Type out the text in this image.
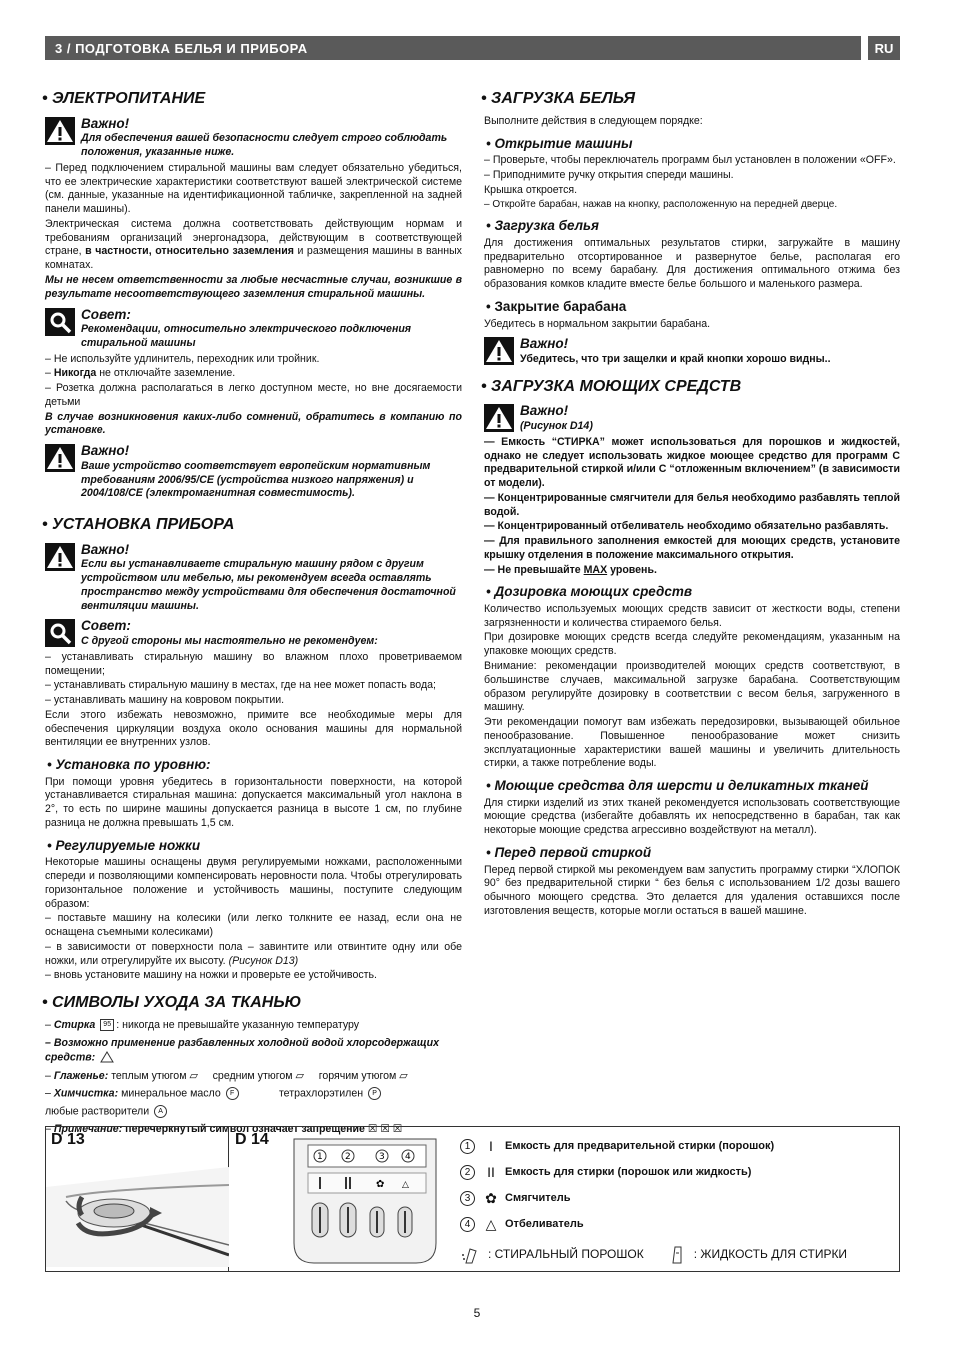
3 / ПОДГОТОВКА БЕЛЬЯ И ПРИБОРА	RU
• ЭЛЕКТРОПИТАНИЕ
Важно!
Для обеспечения вашей безопасности следует строго соблюдать положения, указанные ниже.

– Перед подключением стиральной машины вам следует обязательно убедиться, что ее электрические характеристики соответствуют вашей электрической системе (см. данные, указанные на идентификационной табличке, закрепленной на задней панели машины).

Электрическая система должна соответствовать действующим нормам и требованиям организаций энергонадзора, действующим в соответствующей стране, в частности, относительно заземления и размещения машины в ванных комнатах.

Мы не несем ответственности за любые несчастные случаи, возникшие в результате несоответствующего заземления стиральной машины.

Совет:
Рекомендации, относительно электрического подключения стиральной машины

– Не используйте удлинитель, переходник или тройник.

– Никогда не отключайте заземление.

– Розетка должна располагаться в легко доступном месте, но вне досягаемости детьми

В случае возникновения каких-либо сомнений, обратитесь в компанию по установке.

Важно!
Ваше устройство соответствует европейским нормативным требованиям 2006/95/CE (устройства низкого напряжения) и 2004/108/CE (электромагнитная совместимость).
• УСТАНОВКА ПРИБОРА
Важно!
Если вы устанавливаете стиральную машину рядом с другим устройством или мебелью, мы рекомендуем всегда оставлять пространство между устройствами для обеспечения достаточной вентиляции машины.
Совет:
С другой стороны мы настоятельно не рекомендуем:

– устанавливать стиральную машину во влажном плохо проветриваемом помещении;

– устанавливать стиральную машину в местах, где на нее может попасть вода;

– устанавливать машину на ковровом покрытии.

Если этого избежать невозможно, примите все необходимые меры для обеспечения циркуляции воздуха около основания машины для нормальной вентиляции ее внутренних узлов.

• Установка по уровню:

При помощи уровня убедитесь в горизонтальности поверхности, на которой устанавливается стиральная машина: допускается максимальный угол наклона в 2°, то есть по ширине машины допускается разница в высоте 1 см, по глубине разница не должна превышать 1,5 см.

• Регулируемые ножки

Некоторые машины оснащены двумя регулируемыми ножками, расположенными спереди и позволяющими компенсировать неровности пола. Чтобы отрегулировать горизонтальное положение и устойчивость машины, поступите следующим образом:

– поставьте машину на колесики (или легко толкните ее назад, если она не оснащена съемными колесиками)

– в зависимости от поверхности пола – завинтите или отвинтите одну или обе ножки, или отрегулируйте их высоту. (Рисунок D13)

– вновь установите машину на ножки и проверьте ее устойчивость.

• СИМВОЛЫ УХОДА ЗА ТКАНЬЮ
– Стирка 95 : никогда не превышайте указанную температуру
– Возможно применение разбавленных холодной водой хлорсодержащих средств:
– Глаженье: теплым утюгом ⏥ средним утюгом ⏥ горячим утюгом ⏥
– Химчистка: минеральное масло F	тетрахлорэтилен P
любые растворители A
– Примечание: перечеркнутый символ означает запрещение ☒ ☒ ☒
• ЗАГРУЗКА БЕЛЬЯ

Выполните действия в следующем порядке:

• Открытие машины

– Проверьте, чтобы переключатель программ был установлен в положении «OFF».

– Приподнимите ручку открытия спереди машины.

Крышка откроется.

– Откройте барабан, нажав на кнопку, расположенную на передней дверце.

• Загрузка белья

Для достижения оптимальных результатов стирки, загружайте в машину предварительно отсортированное и развернутое белье, располагая его равномерно по всему барабану. Для достижения оптимального отжима без образования комков кладите вместе белье большого и маленького размера.

• Закрытие барабана

Убедитесь в нормальном закрытии барабана.

Важно!
Убедитесь, что три защелки и край кнопки хорошо видны..
• ЗАГРУЗКА МОЮЩИХ СРЕДСТВ
Важно!
(Рисунок D14)

— Емкость “СТИРКА” может использоваться для порошков и жидкостей, однако не следует использовать жидкое моющее средство для программ С предварительной стиркой и/или С “отложенным включением” (в зависимости от модели).

— Концентрированные смягчители для белья необходимо разбавлять теплой водой.

— Концентрированный отбеливатель необходимо обязательно разбавлять.

— Для правильного заполнения емкостей для моющих средств, установите крышку отделения в положение максимального открытия.

— Не превышайте MAX уровень.

• Дозировка моющих средств

Количество используемых моющих средств зависит от жесткости воды, степени загрязненности и количества стираемого белья.

При дозировке моющих средств всегда следуйте рекомендациям, указанным на упаковке моющих средств.

Внимание: рекомендации производителей моющих средств соответствуют, в большинстве случаев, максимальной загрузке барабана. Соответствующим образом регулируйте дозировку в соответствии с весом белья, загруженного в машину.

Эти рекомендации помогут вам избежать передозировки, вызывающей обильное пенообразование. Повышенное пенообразование может снизить эксплуатационные характеристики вашей машины и увеличить длительность стирки, а также потребление воды.

• Моющие средства для шерсти и деликатных тканей

Для стирки изделий из этих тканей рекомендуется использовать соответствующие моющие средства (избегайте добавлять их непосредственно в барабан, так как некоторые моющие средства агрессивно воздействуют на металл).

• Перед первой стиркой

Перед первой стиркой мы рекомендуем вам запустить программу стирки “ХЛОПОК 90° без предварительной стирки “ без белья с использованием 1/2 дозы вашего обычного моющего средства. Это делается для удаления оставшихся после изготовления веществ, которые могли остаться в вашей машине.

D 13	D 14
1 2	3 4
✿ △
1	I	Емкость для предварительной стирки (порошок)
2	II Емкость для стирки (порошок или жидкость)
3	✿ Смягчитель
4	△ Отбеливатель
: СТИРАЛЬНЫЙ ПОРОШОК	: ЖИДКОСТЬ ДЛЯ СТИРКИ
5
